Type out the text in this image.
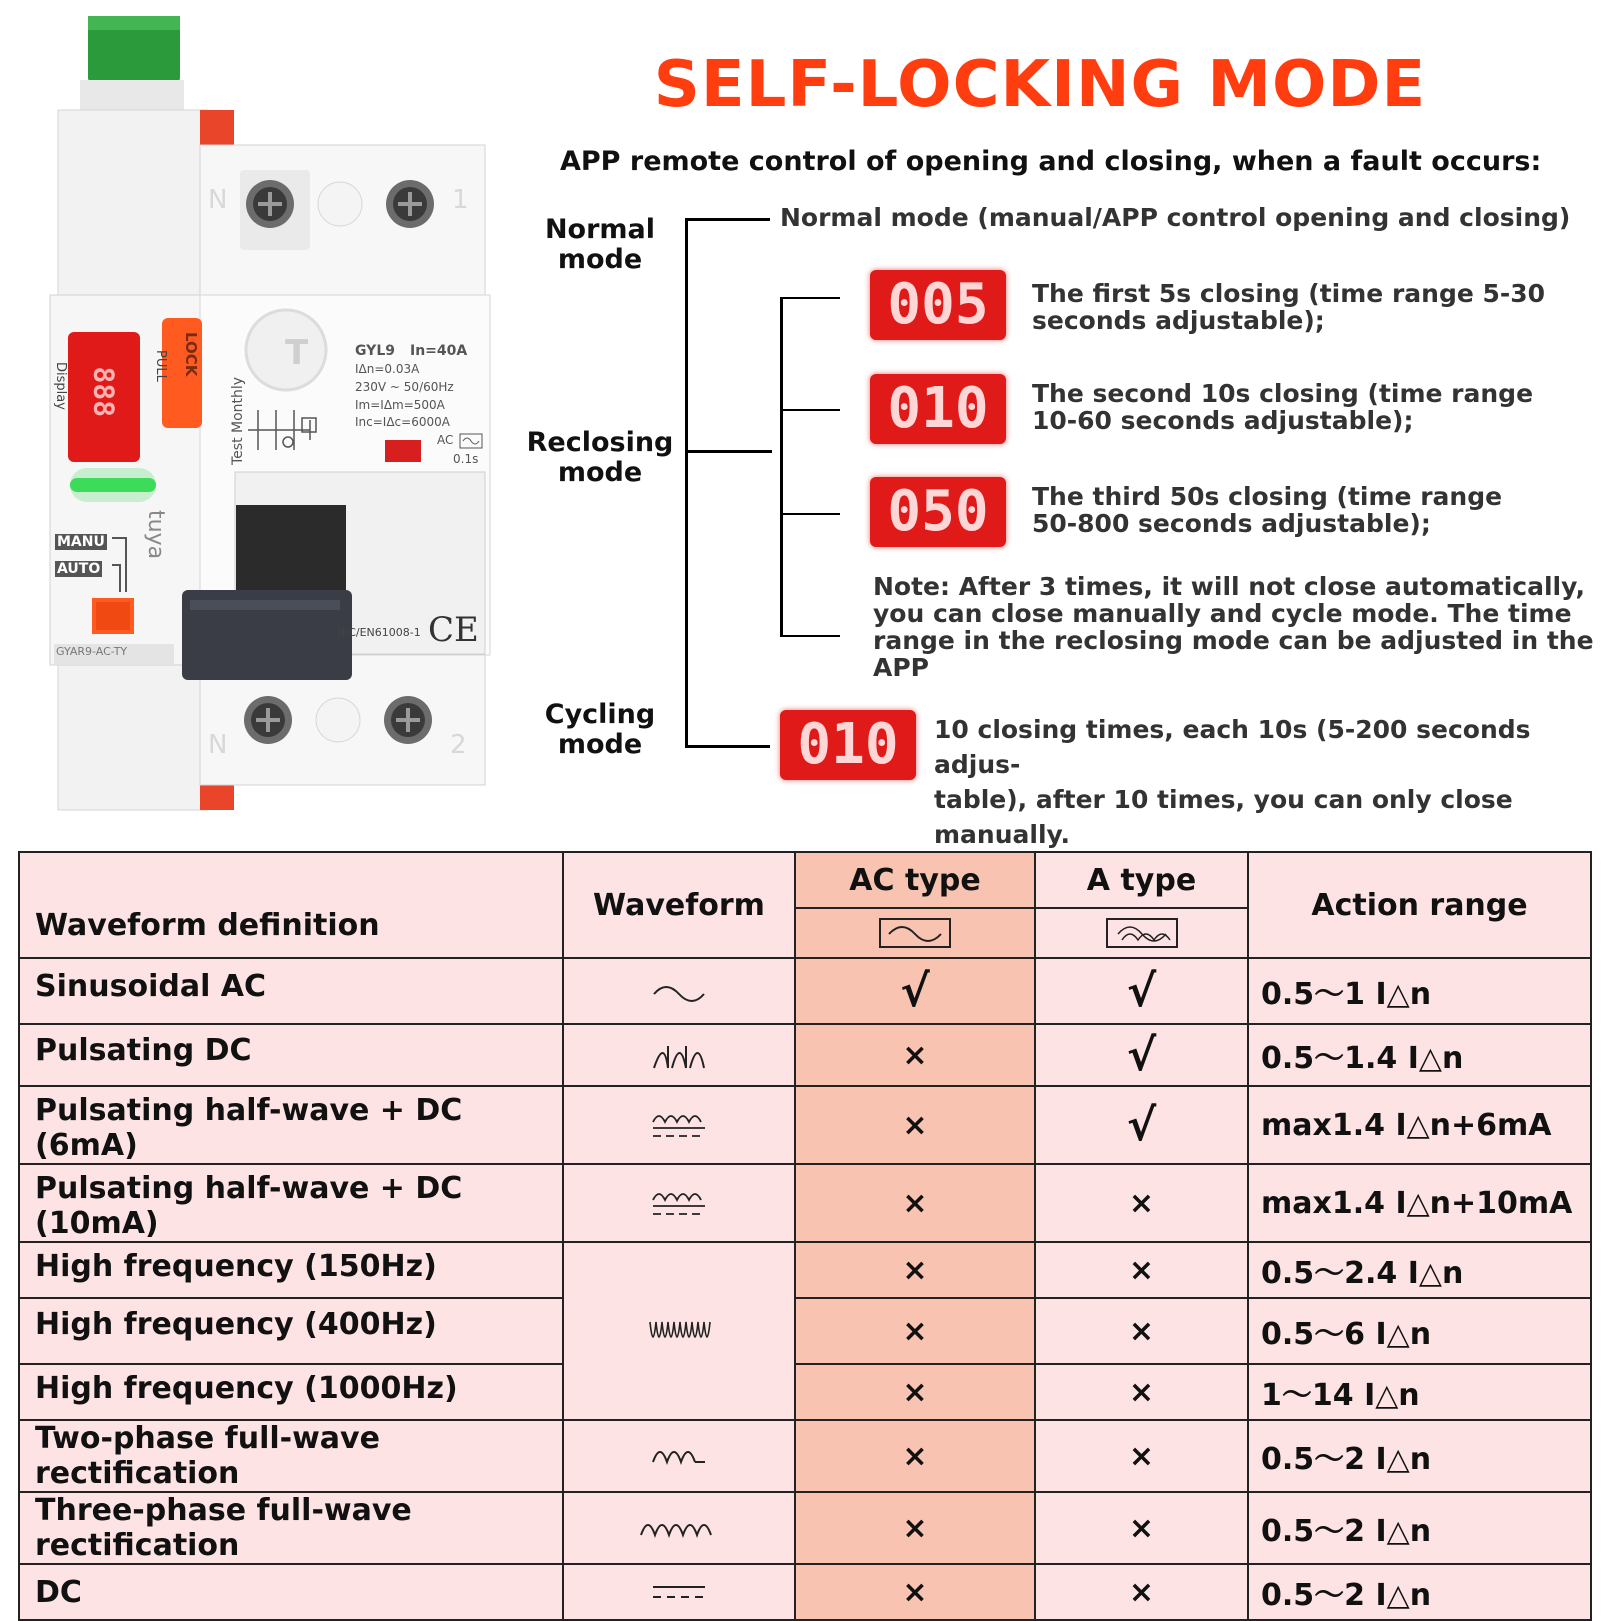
T	GYL9 In=40A
IΔn=0.03A
230V ~ 50/60Hz
Im=IΔm=500A
Inc=IΔc=6000A
AC
0.1s
Test Monthly
LOCK
PULL
Display 888
tuya
MANU
AUTO
GYAR9-AC-TY
IEC/EN61008-1 CE
N	1
N	2
SELF-LOCKING MODE
APP remote control of opening and closing, when a fault occurs:
Normal
mode
Reclosing
mode
Cycling
mode
Normal mode (manual/APP control opening and closing)
005	The first 5s closing (time range 5-30
seconds adjustable);
010	The second 10s closing (time range
10-60 seconds adjustable);
050	The third 50s closing (time range
50-800 seconds adjustable);
Note: After 3 times, it will not close automatically,
you can close manually and cycle mode. The time
range in the reclosing mode can be adjusted in the
APP
010	10 closing times, each 10s (5-200 seconds adjus-
table), after 10 times, you can only close manually.
Waveform definition	Waveform	AC type	A type	Action range

Sinusoidal AC		√	√	0.5～1 I△n
Pulsating DC		×	√	0.5～1.4 I△n
Pulsating half-wave + DC (6mA)		×	√	max1.4 I△n+6mA
Pulsating half-wave + DC (10mA)		×	×	max1.4 I△n+10mA
High frequency (150Hz)		×	×	0.5～2.4 I△n
High frequency (400Hz)		×	×	0.5～6 I△n
High frequency (1000Hz)		×	×	1～14 I△n
Two-phase full-wave rectification		×	×	0.5～2 I△n
Three-phase full-wave rectification		×	×	0.5～2 I△n
DC		×	×	0.5～2 I△n
